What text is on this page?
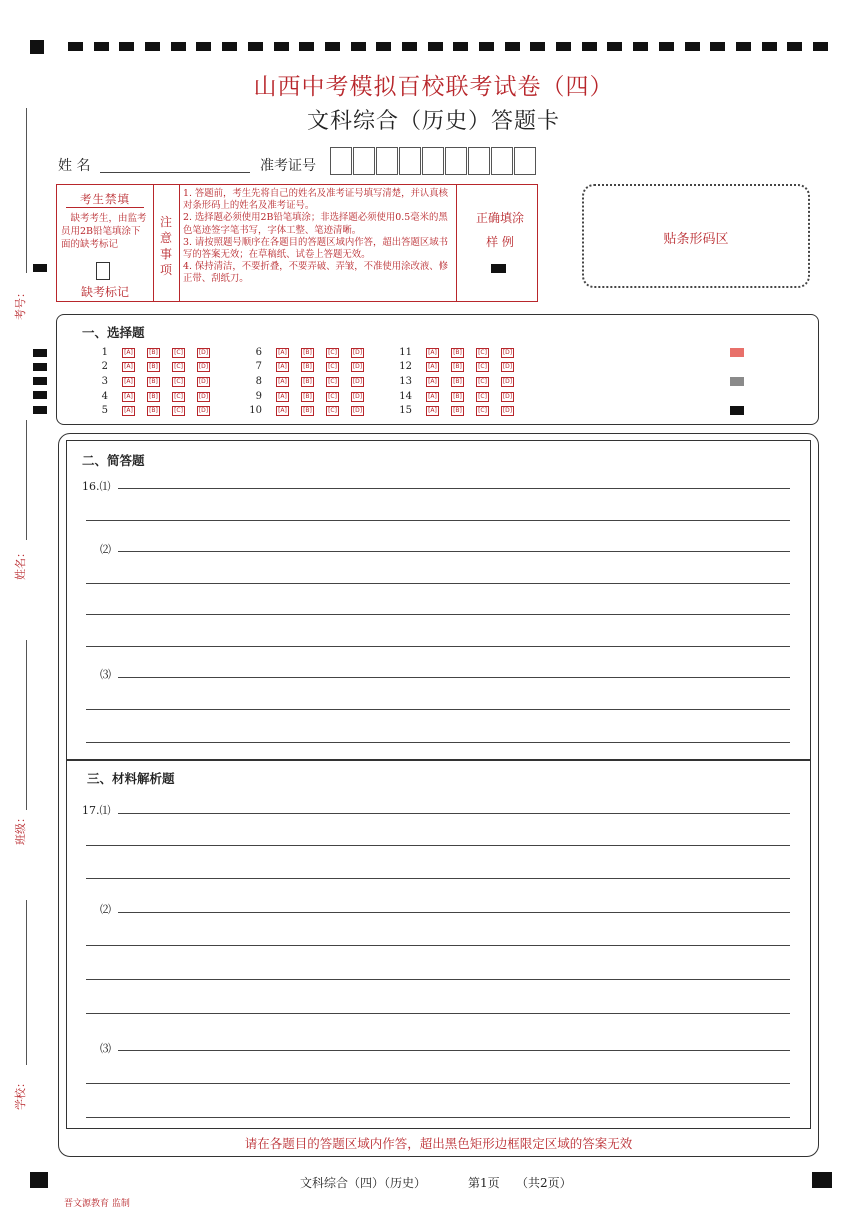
考号：
姓名：
班级：
学校：
山西中考模拟百校联考试卷（四）
文科综合（历史）答题卡
姓 名	准考证号
考生禁填
缺考考生，由监考员用2B铅笔填涂下面的缺考标记
缺考标记
注意事项
1. 答题前，考生先将自己的姓名及准考证号填写清楚，并认真核对条形码上的姓名及准考证号。
2. 选择题必须使用2B铅笔填涂；非选择题必须使用0.5毫米的黑色笔迹签字笔书写，字体工整、笔迹清晰。
3. 请按照题号顺序在各题目的答题区域内作答，超出答题区域书写的答案无效；在草稿纸、试卷上答题无效。
4. 保持清洁，不要折叠，不要弄破、弄皱，不准使用涂改液、修正带、刮纸刀。
正确填涂
样 例	贴条形码区
一、选择题
1	[A]	[B]	[C]	[D]
2	[A]	[B]	[C]	[D]
3	[A]	[B]	[C]	[D]
4	[A]	[B]	[C]	[D]
5	[A]	[B]	[C]	[D]
6	[A]	[B]	[C]	[D]
7	[A]	[B]	[C]	[D]
8	[A]	[B]	[C]	[D]
9	[A]	[B]	[C]	[D]
10	[A]	[B]	[C]	[D]
11	[A]	[B]	[C]	[D]
12	[A]	[B]	[C]	[D]
13	[A]	[B]	[C]	[D]
14	[A]	[B]	[C]	[D]
15	[A]	[B]	[C]	[D]
二、简答题
16.⑴
⑵
⑶
三、材料解析题
17.⑴
⑵
⑶
请在各题目的答题区域内作答，超出黑色矩形边框限定区域的答案无效
文科综合（四）（历史）	第1页 （共2页）
晋文源教育 监制
